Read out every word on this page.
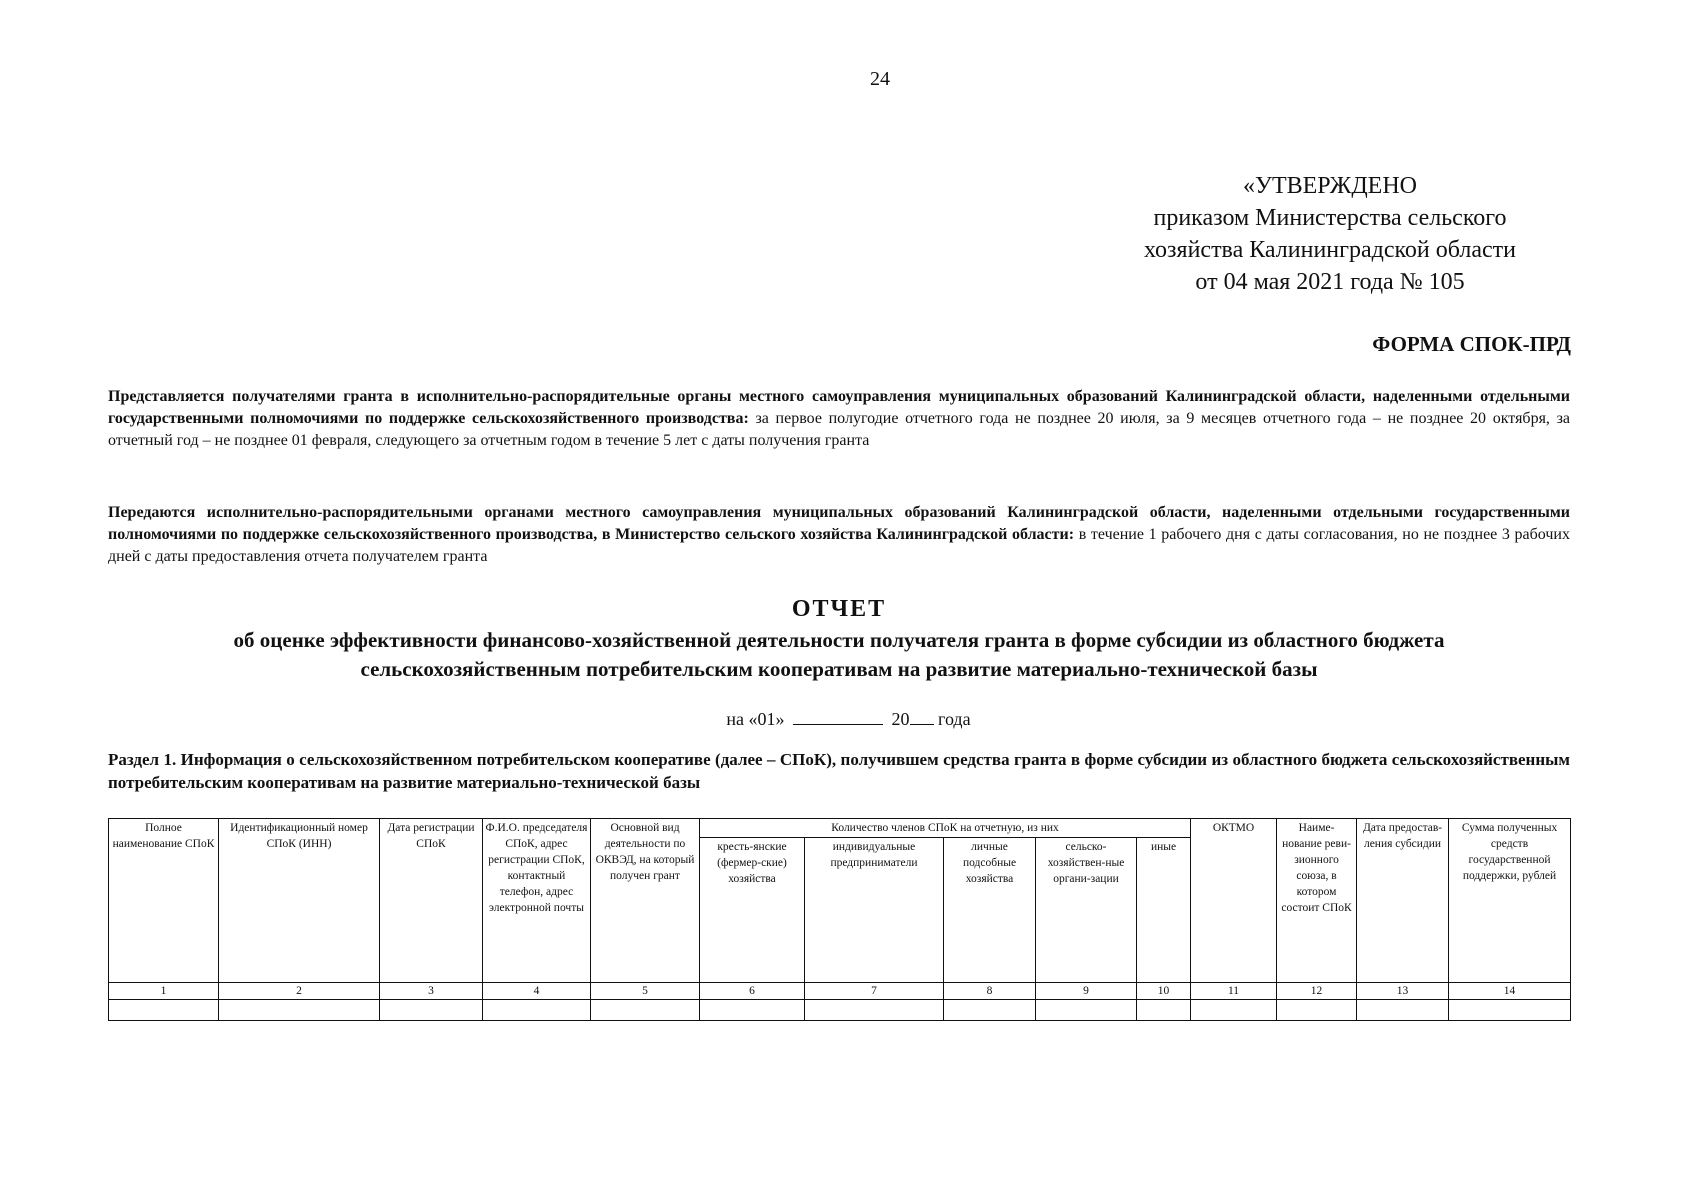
24
«УТВЕРЖДЕНО
приказом Министерства сельского
хозяйства Калининградской области
от 04 мая 2021 года № 105
ФОРМА СПОК-ПРД
Представляется получателями гранта в исполнительно-распорядительные органы местного самоуправления муниципальных образований Калининградской области, наделенными отдельными государственными полномочиями по поддержке сельскохозяйственного производства: за первое полугодие отчетного года не позднее 20 июля, за 9 месяцев отчетного года – не позднее 20 октября, за отчетный год – не позднее 01 февраля, следующего за отчетным годом в течение 5 лет с даты получения гранта
Передаются исполнительно-распорядительными органами местного самоуправления муниципальных образований Калининградской области, наделенными отдельными государственными полномочиями по поддержке сельскохозяйственного производства, в Министерство сельского хозяйства Калининградской области: в течение 1 рабочего дня с даты согласования, но не позднее 3 рабочих дней с даты предоставления отчета получателем гранта
ОТЧЕТ
об оценке эффективности финансово-хозяйственной деятельности получателя гранта в форме субсидии из областного бюджета
сельскохозяйственным потребительским кооперативам на развитие материально-технической базы
на «01»	20 года
Раздел 1. Информация о сельскохозяйственном потребительском кооперативе (далее – СПоК), получившем средства гранта в форме субсидии из областного бюджета сельскохозяйственным потребительским кооперативам на развитие материально-технической базы
Полное наименование СПоК	Идентификационный номер СПоК (ИНН)	Дата регистрации СПоК	Ф.И.О. председателя СПоК, адрес регистрации СПоК, контактный телефон, адрес электронной почты	Основной вид деятельности по ОКВЭД, на который получен грант	Количество членов СПоК на отчетную, из них					ОКТМО	Наиме-нование реви-зионного союза, в котором состоит СПоК	Дата предостав-ления субсидии	Сумма полученных средств государственной поддержки, рублей
					кресть-янские (фермер-ские) хозяйства	индивидуальные предприниматели	личные подсобные хозяйства	сельско-хозяйствен-ные органи-зации	иные				
1	2	3	4	5	6	7	8	9	10	11	12	13	14
